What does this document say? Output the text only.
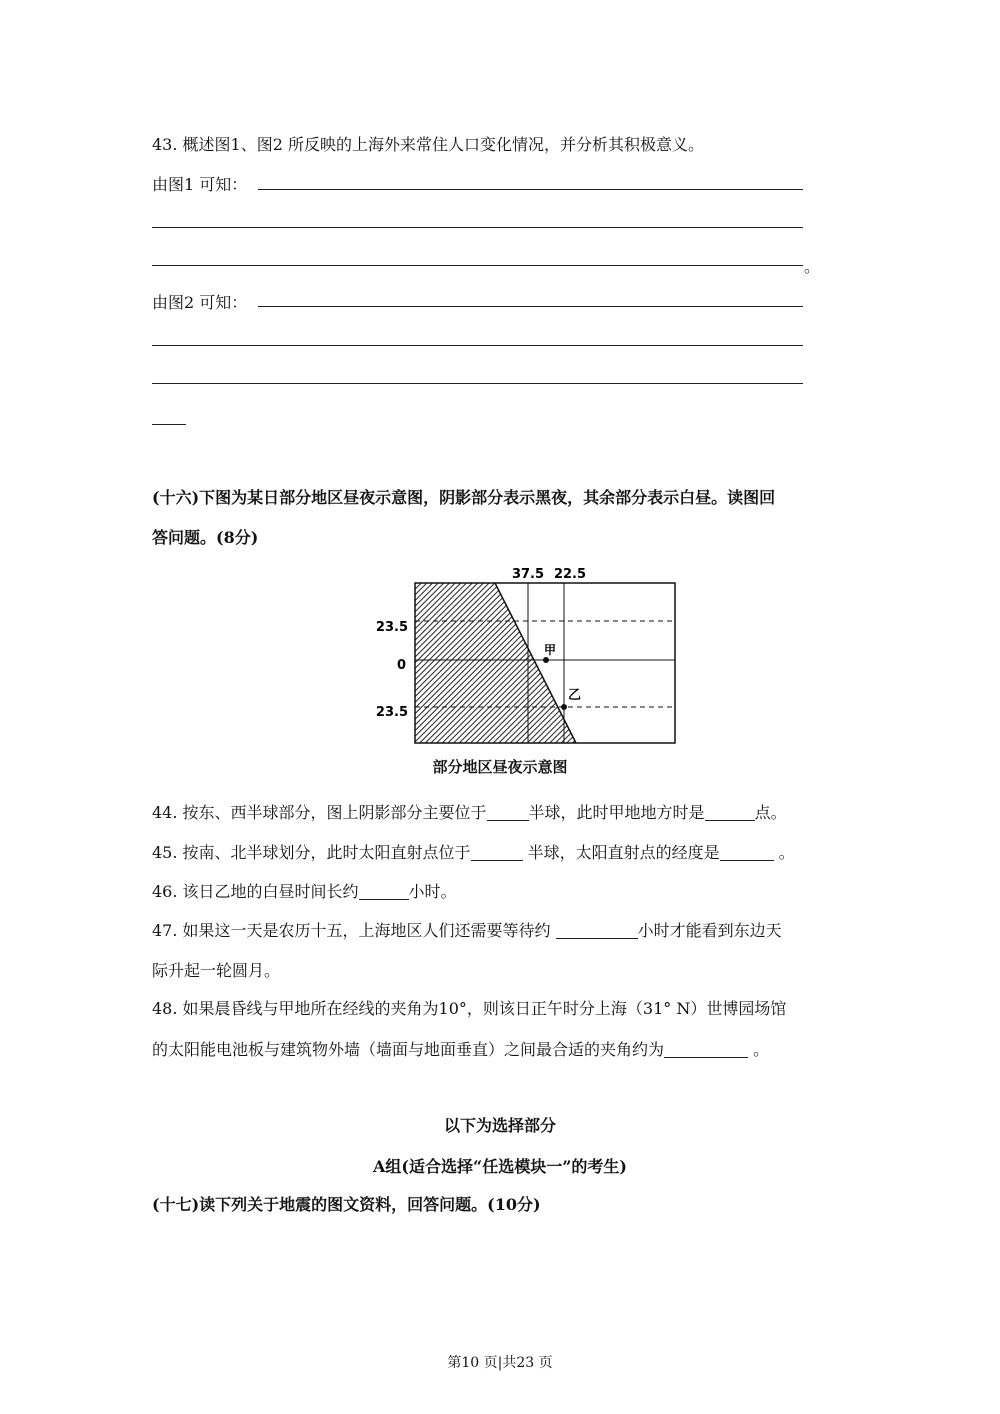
43. 概述图1、图2 所反映的上海外来常住人口变化情况，并分析其积极意义。
由图1 可知：
。
由图2 可知：
(十六)下图为某日部分地区昼夜示意图，阴影部分表示黑夜，其余部分表示白昼。读图回
答问题。(8分)
37.5 22.5
23.5
0
23.5
甲
乙
部分地区昼夜示意图
44. 按东、西半球部分，图上阴影部分主要位于	半球，此时甲地地方时是	点。
45. 按南、北半球划分，此时太阳直射点位于	半球，太阳直射点的经度是	。
46. 该日乙地的白昼时间长约	小时。
47. 如果这一天是农历十五，上海地区人们还需要等待约	小时才能看到东边天
际升起一轮圆月。
48. 如果晨昏线与甲地所在经线的夹角为10°，则该日正午时分上海（31° N）世博园场馆
的太阳能电池板与建筑物外墙（墙面与地面垂直）之间最合适的夹角约为	。
以下为选择部分
A组(适合选择“任选模块一”的考生)
(十七)读下列关于地震的图文资料，回答问题。(10分)
第10 页|共23 页
